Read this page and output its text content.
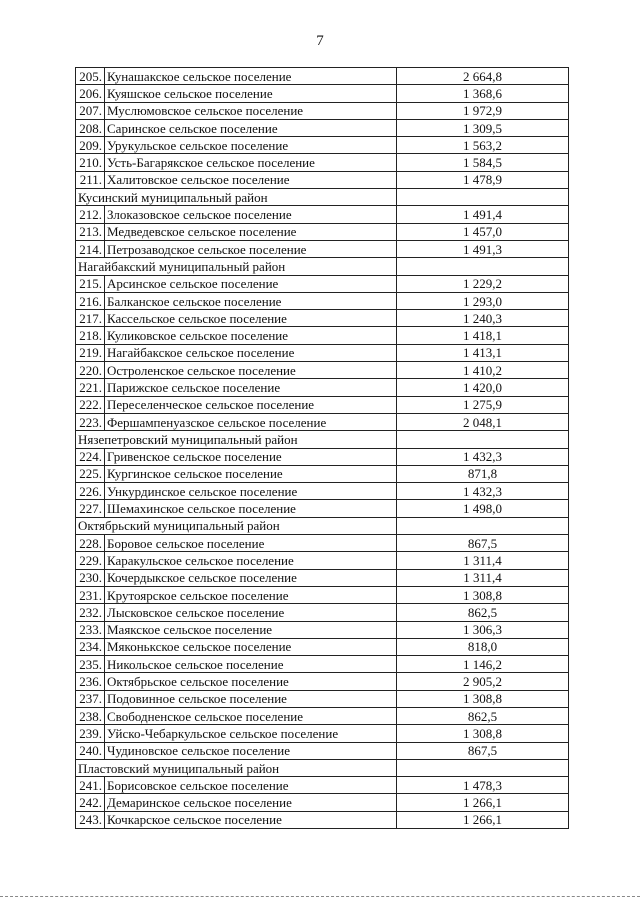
7
205.	Кунашакское сельское поселение	2 664,8
206.	Куяшское сельское поселение	1 368,6
207.	Муслюмовское сельское поселение	1 972,9
208.	Саринское сельское поселение	1 309,5
209.	Урукульское сельское поселение	1 563,2
210.	Усть-Багарякское сельское поселение	1 584,5
211.	Халитовское сельское поселение	1 478,9
Кусинский муниципальный район		
212.	Злоказовское сельское поселение	1 491,4
213.	Медведевское сельское поселение	1 457,0
214.	Петрозаводское сельское поселение	1 491,3
Нагайбакский муниципальный район		
215.	Арсинское сельское поселение	1 229,2
216.	Балканское сельское поселение	1 293,0
217.	Кассельское сельское поселение	1 240,3
218.	Куликовское сельское поселение	1 418,1
219.	Нагайбакское сельское поселение	1 413,1
220.	Остроленское сельское поселение	1 410,2
221.	Парижское сельское поселение	1 420,0
222.	Переселенческое сельское поселение	1 275,9
223.	Фершампенуазское сельское поселение	2 048,1
Нязепетровский муниципальный район		
224.	Гривенское сельское поселение	1 432,3
225.	Кургинское сельское поселение	871,8
226.	Ункурдинское сельское поселение	1 432,3
227.	Шемахинское сельское поселение	1 498,0
Октябрьский муниципальный район		
228.	Боровое сельское поселение	867,5
229.	Каракульское сельское поселение	1 311,4
230.	Кочердыкское сельское поселение	1 311,4
231.	Крутоярское сельское поселение	1 308,8
232.	Лысковское сельское поселение	862,5
233.	Маякское сельское поселение	1 306,3
234.	Мяконькское сельское поселение	818,0
235.	Никольское сельское поселение	1 146,2
236.	Октябрьское сельское поселение	2 905,2
237.	Подовинное сельское поселение	1 308,8
238.	Свободненское сельское поселение	862,5
239.	Уйско-Чебаркульское сельское поселение	1 308,8
240.	Чудиновское сельское поселение	867,5
Пластовский муниципальный район		
241.	Борисовское сельское поселение	1 478,3
242.	Демаринское сельское поселение	1 266,1
243.	Кочкарское сельское поселение	1 266,1
